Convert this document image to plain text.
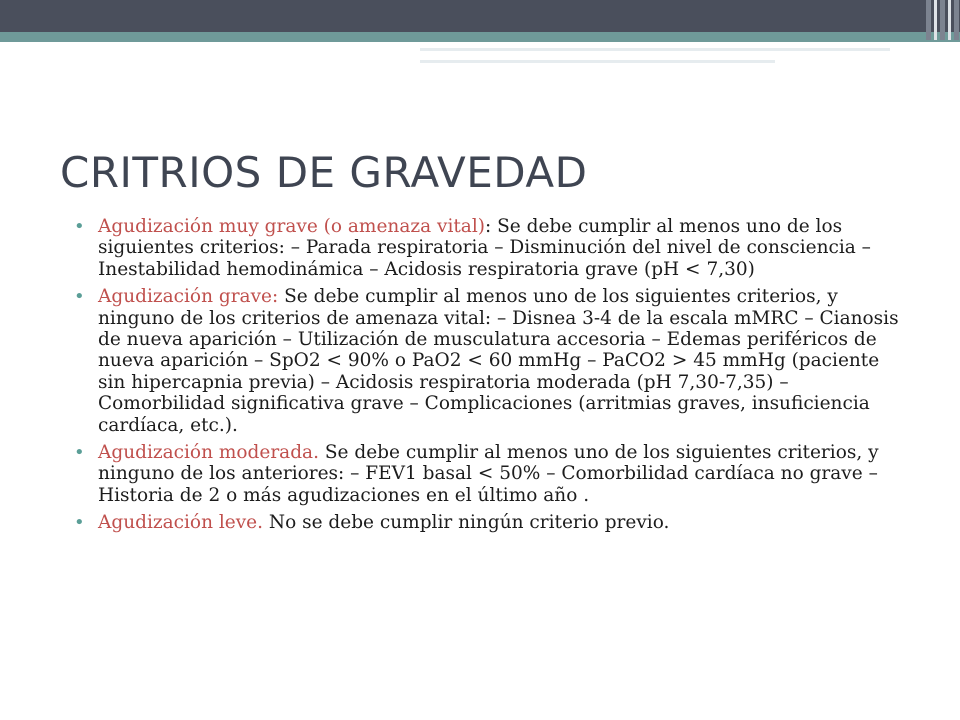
CRITRIOS DE GRAVEDAD
• Agudización muy grave (o amenaza vital): Se debe cumplir al menos uno de los siguientes criterios: – Parada respiratoria – Disminución del nivel de consciencia – Inestabilidad hemodinámica – Acidosis respiratoria grave (pH < 7,30)
• Agudización grave: Se debe cumplir al menos uno de los siguientes criterios, y ninguno de los criterios de amenaza vital: – Disnea 3-4 de la escala mMRC – Cianosis de nueva aparición – Utilización de musculatura accesoria – Edemas periféricos de nueva aparición – SpO2 < 90% o PaO2 < 60 mmHg – PaCO2 > 45 mmHg (paciente sin hipercapnia previa) – Acidosis respiratoria moderada (pH 7,30-7,35) – Comorbilidad significativa grave – Complicaciones (arritmias graves, insuficiencia cardíaca, etc.).
• Agudización moderada. Se debe cumplir al menos uno de los siguientes criterios, y ninguno de los anteriores: – FEV1 basal < 50% – Comorbilidad cardíaca no grave – Historia de 2 o más agudizaciones en el último año .
• Agudización leve. No se debe cumplir ningún criterio previo.
